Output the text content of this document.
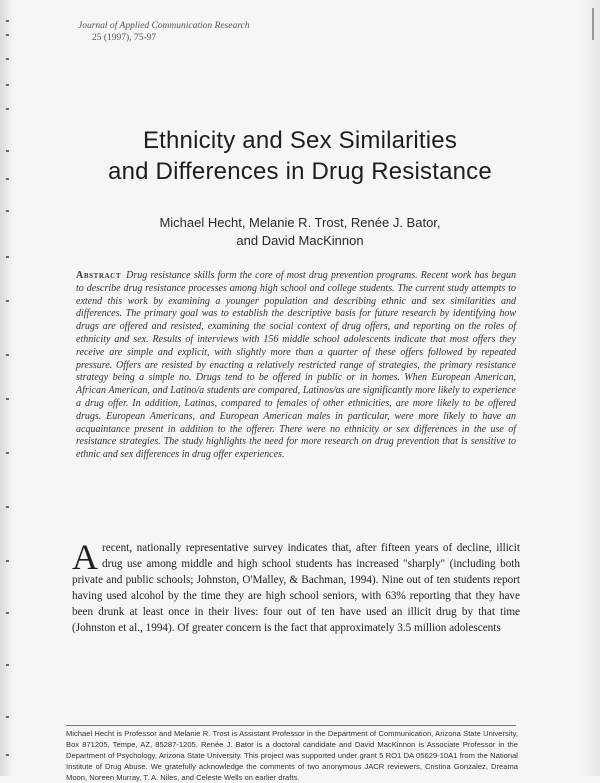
Journal of Applied Communication Research
25 (1997), 75-97
Ethnicity and Sex Similarities
and Differences in Drug Resistance
Michael Hecht, Melanie R. Trost, Renée J. Bator,
and David MacKinnon
Abstract Drug resistance skills form the core of most drug prevention programs. Recent work has begun to describe drug resistance processes among high school and college students. The current study attempts to extend this work by examining a younger population and describing ethnic and sex similarities and differences. The primary goal was to establish the descriptive basis for future research by identifying how drugs are offered and resisted, examining the social context of drug offers, and reporting on the roles of ethnicity and sex. Results of interviews with 156 middle school adolescents indicate that most offers they receive are simple and explicit, with slightly more than a quarter of these offers followed by repeated pressure. Offers are resisted by enacting a relatively restricted range of strategies, the primary resistance strategy being a simple no. Drugs tend to be offered in public or in homes. When European American, African American, and Latino/a students are compared, Latinos/as are significantly more likely to experience a drug offer. In addition, Latinas, compared to females of other ethnicities, are more likely to be offered drugs. European Americans, and European American males in particular, were more likely to have an acquaintance present in addition to the offerer. There were no ethnicity or sex differences in the use of resistance strategies. The study highlights the need for more research on drug prevention that is sensitive to ethnic and sex differences in drug offer experiences.
Arecent, nationally representative survey indicates that, after fifteen years of decline, illicit drug use among middle and high school students has increased "sharply" (including both private and public schools; Johnston, O'Malley, & Bachman, 1994). Nine out of ten students report having used alcohol by the time they are high school seniors, with 63% reporting that they have been drunk at least once in their lives: four out of ten have used an illicit drug by that time (Johnston et al., 1994). Of greater concern is the fact that approximately 3.5 million adolescents
Michael Hecht is Professor and Melanie R. Trost is Assistant Professor in the Department of Communication, Arizona State University, Box 871205, Tempe, AZ, 85287-1205. Renée J. Bator is a doctoral candidate and David MacKinnon is Associate Professor in the Department of Psychology, Arizona State University. This project was supported under grant 5 RO1 DA 05629-10A1 from the National Institute of Drug Abuse. We gratefully acknowledge the comments of two anonymous JACR reviewers, Cristina Gonzalez, Dreama Moon, Noreen Murray, T. A. Niles, and Celeste Wells on earlier drafts.
